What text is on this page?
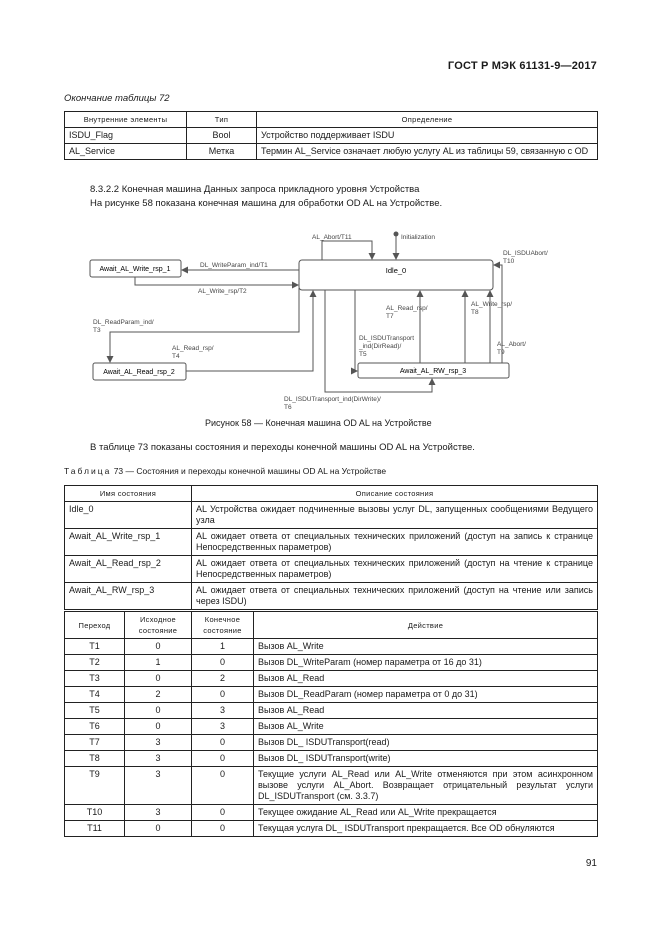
ГОСТ Р МЭК 61131-9—2017
Окончание таблицы 72
Внутренние элементы	Тип	Определение
ISDU_Flag	Bool	Устройство поддерживает ISDU
AL_Service	Метка	Термин AL_Service означает любую услугу AL из таблицы 59, связанную с OD
8.3.2.2 Конечная машина Данных запроса прикладного уровня Устройства
На рисунке 58 показана конечная машина для обработки OD AL на Устройстве.
Idle_0
Await_AL_Write_rsp_1
Await_AL_Read_rsp_2	Await_AL_RW_rsp_3
Initialization
AL_Abort/T11
DL_ISDUAbort/
T10
DL_WriteParam_ind/T1
AL_Write_rsp/T2
DL_ReadParam_ind/
T3
AL_Read_rsp/
T4
DL_ISDUTransport
_ind(DirRead)/
T5
DL_ISDUTransport_ind(DirWrite)/
T6
AL_Read_rsp/
T7
AL_Write_rsp/
T8
AL_Abort/
T9
Рисунок 58 — Конечная машина OD AL на Устройстве
В таблице 73 показаны состояния и переходы конечной машины OD AL на Устройстве.
Таблица 73 — Состояния и переходы конечной машины OD AL на Устройстве
Имя состояния	Описание состояния
Idle_0	AL Устройства ожидает подчиненные вызовы услуг DL, запущенных сообщениями Ведущего узла
Await_AL_Write_rsp_1	AL ожидает ответа от специальных технических приложений (доступ на запись к странице Непосредственных параметров)
Await_AL_Read_rsp_2	AL ожидает ответа от специальных технических приложений (доступ на чтение к странице Непосредственных параметров)
Await_AL_RW_rsp_3	AL ожидает ответа от специальных технических приложений (доступ на чтение или запись через ISDU)
Переход	Исходное состояние	Конечное состояние	Действие
T1	0	1	Вызов AL_Write
T2	1	0	Вызов DL_WriteParam (номер параметра от 16 до 31)
T3	0	2	Вызов AL_Read
T4	2	0	Вызов DL_ReadParam (номер параметра от 0 до 31)
T5	0	3	Вызов AL_Read
T6	0	3	Вызов AL_Write
T7	3	0	Вызов DL_ ISDUTransport(read)
T8	3	0	Вызов DL_ ISDUTransport(write)
T9	3	0	Текущие услуги AL_Read или AL_Write отменяются при этом асинхронном вызове услуги AL_Abort. Возвращает отрицательный результат услуги DL_ISDUTransport (см. 3.3.7)
T10	3	0	Текущее ожидание AL_Read или AL_Write прекращается
T11	0	0	Текущая услуга DL_ ISDUTransport прекращается. Все OD обнуляются
91
